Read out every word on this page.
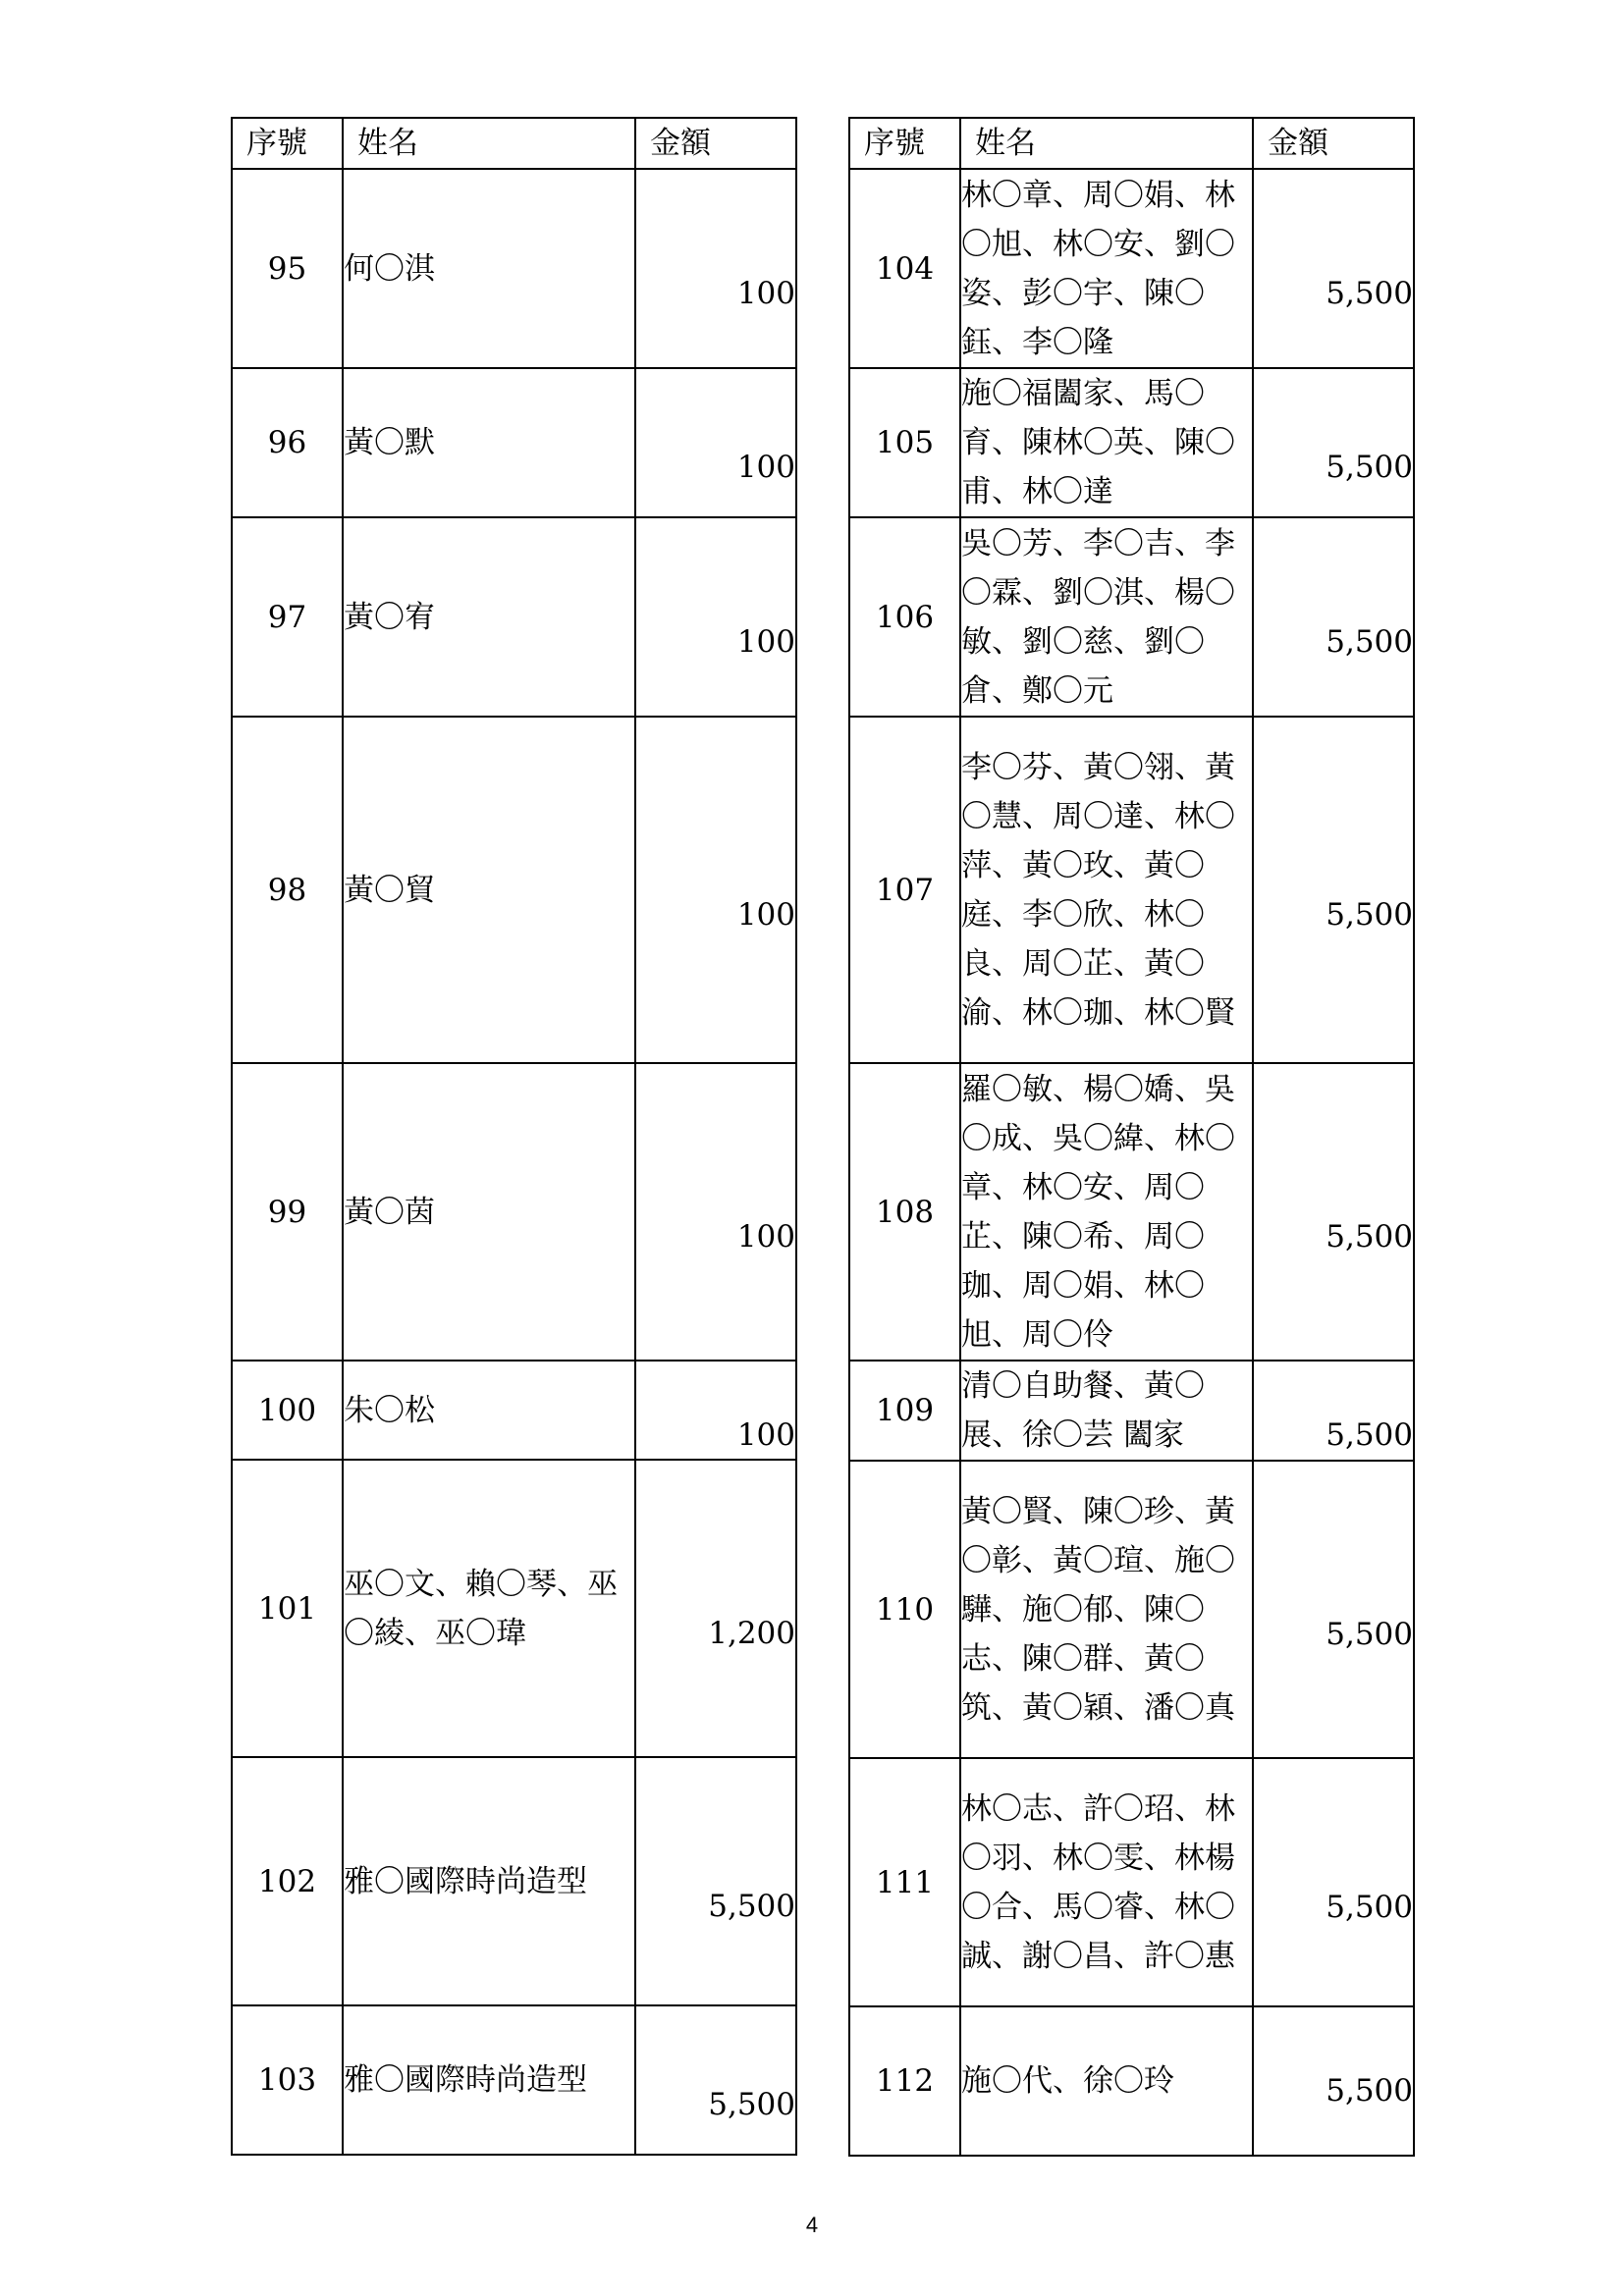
序號	姓名	金額
95	何〇淇	100
96	黃〇默	100
97	黃〇宥	100
98	黃〇貿	100
99	黃〇茵	100
100	朱〇松	100
101	巫〇文、賴〇琴、巫〇綾、巫〇瑋	1,200
102	雅〇國際時尚造型	5,500
103	雅〇國際時尚造型	5,500
序號	姓名	金額
104	林〇章、周〇娟、林〇旭、林〇安、劉〇姿、彭〇宇、陳〇鈺、李〇隆	5,500
105	施〇福闔家、馬〇育、陳林〇英、陳〇甫、林〇達	5,500
106	吳〇芳、李〇吉、李〇霖、劉〇淇、楊〇敏、劉〇慈、劉〇倉、鄭〇元	5,500
107	李〇芬、黃〇翎、黃〇慧、周〇達、林〇萍、黃〇玫、黃〇庭、李〇欣、林〇良、周〇芷、黃〇渝、林〇珈、林〇賢	5,500
108	羅〇敏、楊〇嬌、吳〇成、吳〇緯、林〇章、林〇安、周〇芷、陳〇希、周〇珈、周〇娟、林〇旭、周〇伶	5,500
109	清〇自助餐、黃〇展、徐〇芸 闔家	5,500
110	黃〇賢、陳〇珍、黃〇彰、黃〇瑄、施〇驊、施〇郁、陳〇志、陳〇群、黃〇筑、黃〇穎、潘〇真	5,500
111	林〇志、許〇玿、林〇羽、林〇雯、林楊〇合、馬〇睿、林〇誠、謝〇昌、許〇惠	5,500
112	施〇代、徐〇玲	5,500
4
